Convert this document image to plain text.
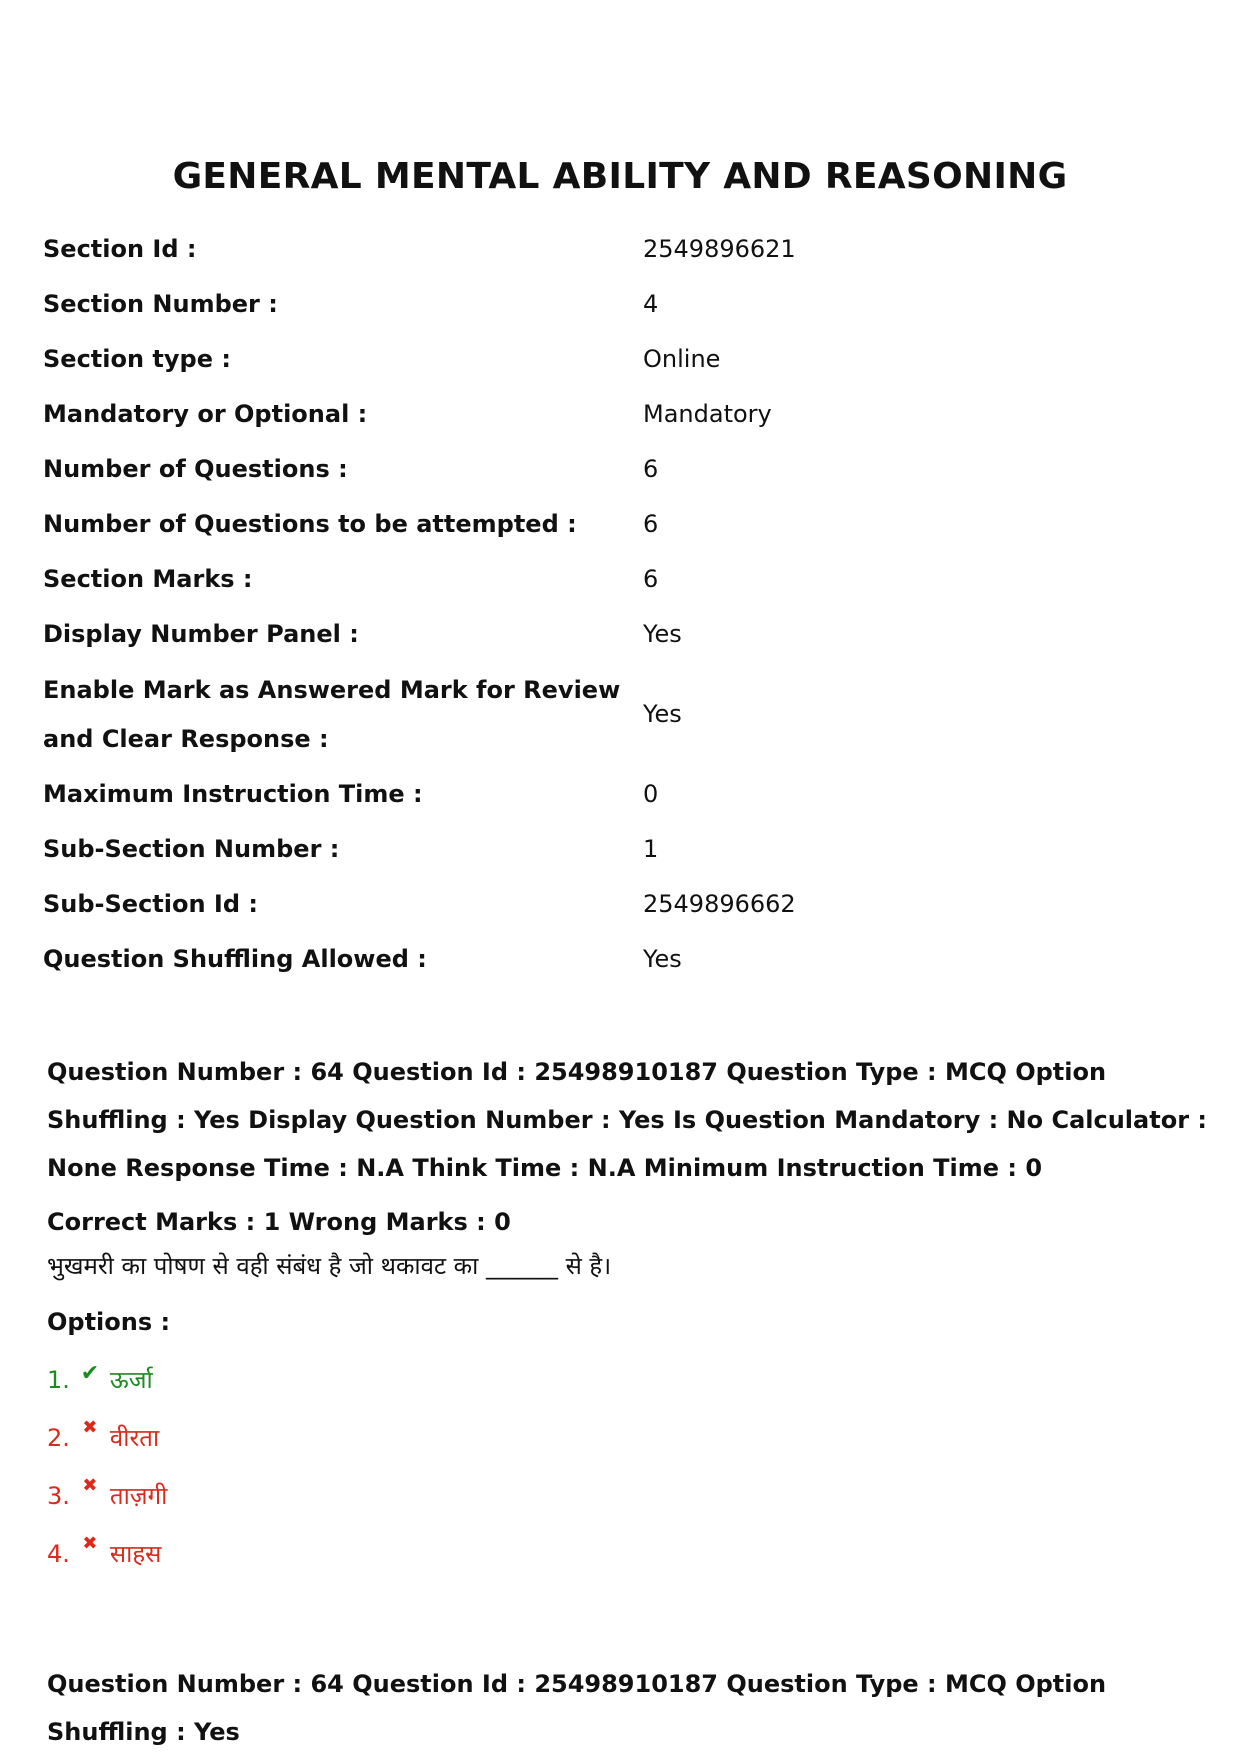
GENERAL MENTAL ABILITY AND REASONING
Section Id :	2549896621
Section Number :	4
Section type :	Online
Mandatory or Optional :	Mandatory
Number of Questions :	6
Number of Questions to be attempted :	6
Section Marks :	6
Display Number Panel :	Yes
Enable Mark as Answered Mark for Review and Clear Response :
Yes
Maximum Instruction Time :	0
Sub-Section Number :	1
Sub-Section Id :	2549896662
Question Shuffling Allowed :	Yes
Question Number : 64 Question Id : 25498910187 Question Type : MCQ Option Shuffling : Yes Display Question Number : Yes Is Question Mandatory : No Calculator : None Response Time : N.A Think Time : N.A Minimum Instruction Time : 0
Correct Marks : 1 Wrong Marks : 0
भुखमरी का पोषण से वही संबंध है जो थकावट का ______ से है।
Options :
1. ✔ ऊर्जा
2. ✖ वीरता
3. ✖ ताज़गी
4. ✖ साहस
Question Number : 64 Question Id : 25498910187 Question Type : MCQ Option Shuffling : Yes
